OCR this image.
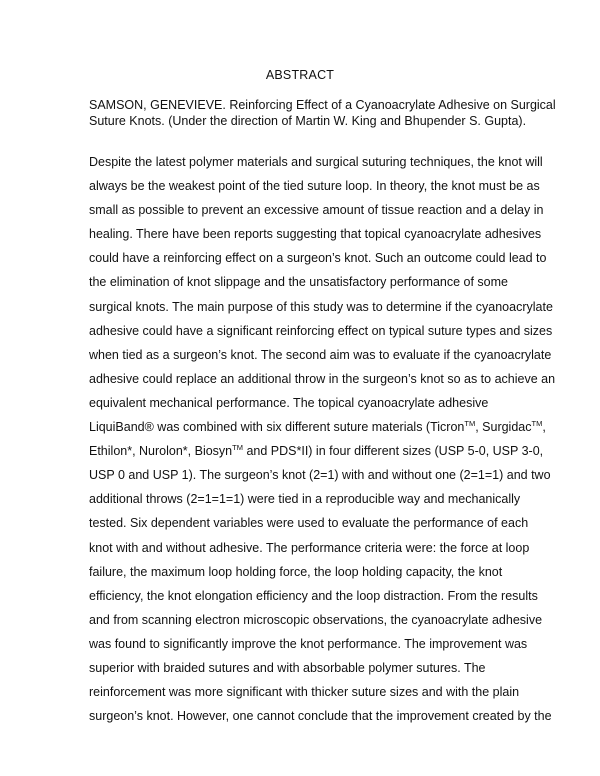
ABSTRACT
SAMSON, GENEVIEVE. Reinforcing Effect of a Cyanoacrylate Adhesive on Surgical
Suture Knots. (Under the direction of Martin W. King and Bhupender S. Gupta).
Despite the latest polymer materials and surgical suturing techniques, the knot will
always be the weakest point of the tied suture loop. In theory, the knot must be as
small as possible to prevent an excessive amount of tissue reaction and a delay in
healing. There have been reports suggesting that topical cyanoacrylate adhesives
could have a reinforcing effect on a surgeon’s knot. Such an outcome could lead to
the elimination of knot slippage and the unsatisfactory performance of some
surgical knots. The main purpose of this study was to determine if the cyanoacrylate
adhesive could have a significant reinforcing effect on typical suture types and sizes
when tied as a surgeon’s knot. The second aim was to evaluate if the cyanoacrylate
adhesive could replace an additional throw in the surgeon’s knot so as to achieve an
equivalent mechanical performance. The topical cyanoacrylate adhesive
LiquiBand® was combined with six different suture materials (Ticron™, Surgidac™,
Ethilon*, Nurolon*, Biosyn™ and PDS*II) in four different sizes (USP 5-0, USP 3-0,
USP 0 and USP 1). The surgeon’s knot (2=1) with and without one (2=1=1) and two
additional throws (2=1=1=1) were tied in a reproducible way and mechanically
tested. Six dependent variables were used to evaluate the performance of each
knot with and without adhesive. The performance criteria were: the force at loop
failure, the maximum loop holding force, the loop holding capacity, the knot
efficiency, the knot elongation efficiency and the loop distraction. From the results
and from scanning electron microscopic observations, the cyanoacrylate adhesive
was found to significantly improve the knot performance. The improvement was
superior with braided sutures and with absorbable polymer sutures. The
reinforcement was more significant with thicker suture sizes and with the plain
surgeon’s knot. However, one cannot conclude that the improvement created by the
